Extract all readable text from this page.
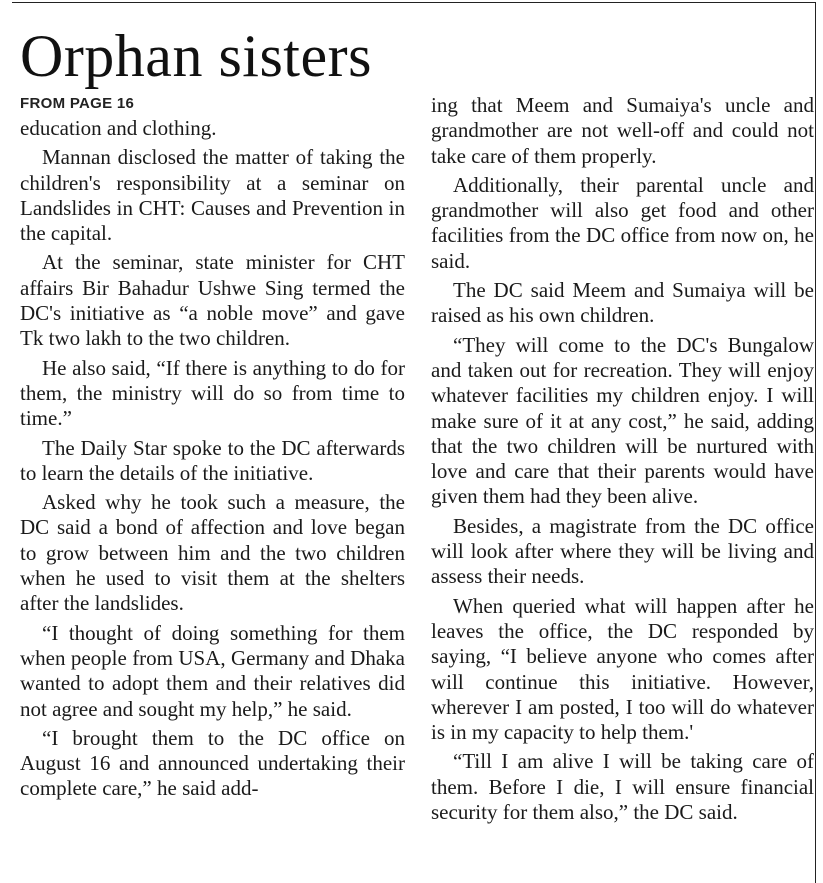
Orphan sisters
FROM PAGE 16

education and clothing.

Mannan disclosed the matter of taking the children's responsibility at a seminar on Landslides in CHT: Causes and Prevention in the capital.

At the seminar, state minister for CHT affairs Bir Bahadur Ushwe Sing termed the DC's initiative as “a noble move” and gave Tk two lakh to the two children.

He also said, “If there is anything to do for them, the ministry will do so from time to time.”

The Daily Star spoke to the DC afterwards to learn the details of the initiative.

Asked why he took such a measure, the DC said a bond of affection and love began to grow between him and the two children when he used to visit them at the shelters after the landslides.

“I thought of doing something for them when people from USA, Germany and Dhaka wanted to adopt them and their relatives did not agree and sought my help,” he said.

“I brought them to the DC office on August 16 and announced undertaking their complete care,” he said add-

ing that Meem and Sumaiya's uncle and grandmother are not well-off and could not take care of them properly.

Additionally, their parental uncle and grandmother will also get food and other facilities from the DC office from now on, he said.

The DC said Meem and Sumaiya will be raised as his own children.

“They will come to the DC's Bungalow and taken out for recreation. They will enjoy whatever facilities my children enjoy. I will make sure of it at any cost,” he said, adding that the two children will be nurtured with love and care that their parents would have given them had they been alive.

Besides, a magistrate from the DC office will look after where they will be living and assess their needs.

When queried what will happen after he leaves the office, the DC responded by saying, “I believe anyone who comes after will continue this initiative. However, wherever I am posted, I too will do whatever is in my capacity to help them.'

“Till I am alive I will be taking care of them. Before I die, I will ensure financial security for them also,” the DC said.
